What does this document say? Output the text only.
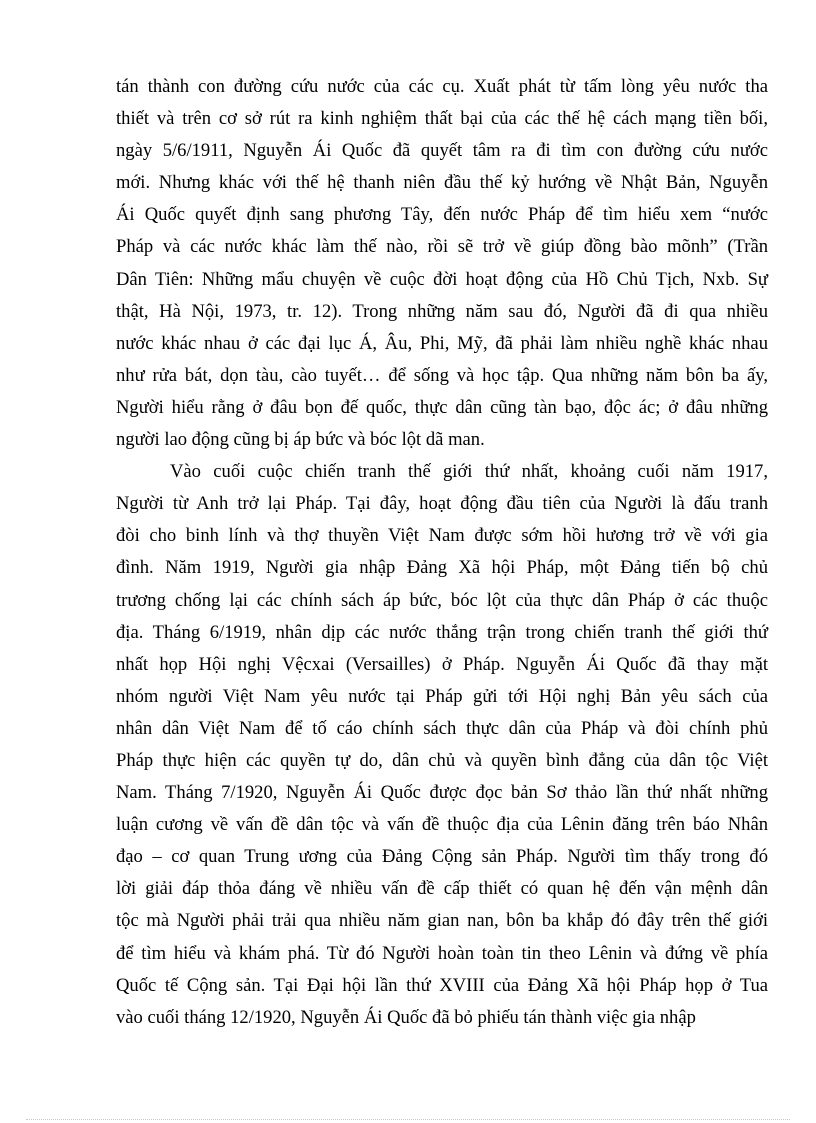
tán thành con đường cứu nước của các cụ. Xuất phát từ tấm lòng yêu nước tha
thiết và trên cơ sở rút ra kinh nghiệm thất bại của các thế hệ cách mạng tiền bối,
ngày 5/6/1911, Nguyễn Ái Quốc đã quyết tâm ra đi tìm con đường cứu nước
mới. Nhưng khác với thế hệ thanh niên đầu thế kỷ hướng về Nhật Bản, Nguyễn
Ái Quốc quyết định sang phương Tây, đến nước Pháp để tìm hiểu xem “nước
Pháp và các nước khác làm thế nào, rồi sẽ trở về giúp đồng bào mõnh” (Trần
Dân Tiên: Những mẩu chuyện về cuộc đời hoạt động của Hồ Chủ Tịch, Nxb. Sự
thật, Hà Nội, 1973, tr. 12). Trong những năm sau đó, Người đã đi qua nhiều
nước khác nhau ở các đại lục Á, Âu, Phi, Mỹ, đã phải làm nhiều nghề khác nhau
như rửa bát, dọn tàu, cào tuyết… để sống và học tập. Qua những năm bôn ba ấy,
Người hiểu rằng ở đâu bọn đế quốc, thực dân cũng tàn bạo, độc ác; ở đâu những
người lao động cũng bị áp bức và bóc lột dã man.
Vào cuối cuộc chiến tranh thế giới thứ nhất, khoảng cuối năm 1917,
Người từ Anh trở lại Pháp. Tại đây, hoạt động đầu tiên của Người là đấu tranh
đòi cho binh lính và thợ thuyền Việt Nam được sớm hồi hương trở về với gia
đình. Năm 1919, Người gia nhập Đảng Xã hội Pháp, một Đảng tiến bộ chủ
trương chống lại các chính sách áp bức, bóc lột của thực dân Pháp ở các thuộc
địa. Tháng 6/1919, nhân dịp các nước thắng trận trong chiến tranh thế giới thứ
nhất họp Hội nghị Vệcxai (Versailles) ở Pháp. Nguyễn Ái Quốc đã thay mặt
nhóm người Việt Nam yêu nước tại Pháp gửi tới Hội nghị Bản yêu sách của
nhân dân Việt Nam để tố cáo chính sách thực dân của Pháp và đòi chính phủ
Pháp thực hiện các quyền tự do, dân chủ và quyền bình đẳng của dân tộc Việt
Nam. Tháng 7/1920, Nguyễn Ái Quốc được đọc bản Sơ thảo lần thứ nhất những
luận cương về vấn đề dân tộc và vấn đề thuộc địa của Lênin đăng trên báo Nhân
đạo – cơ quan Trung ương của Đảng Cộng sản Pháp. Người tìm thấy trong đó
lời giải đáp thỏa đáng về nhiều vấn đề cấp thiết có quan hệ đến vận mệnh dân
tộc mà Người phải trải qua nhiều năm gian nan, bôn ba khắp đó đây trên thế giới
để tìm hiểu và khám phá. Từ đó Người hoàn toàn tin theo Lênin và đứng về phía
Quốc tế Cộng sản. Tại Đại hội lần thứ XVIII của Đảng Xã hội Pháp họp ở Tua
vào cuối tháng 12/1920, Nguyễn Ái Quốc đã bỏ phiếu tán thành việc gia nhập
